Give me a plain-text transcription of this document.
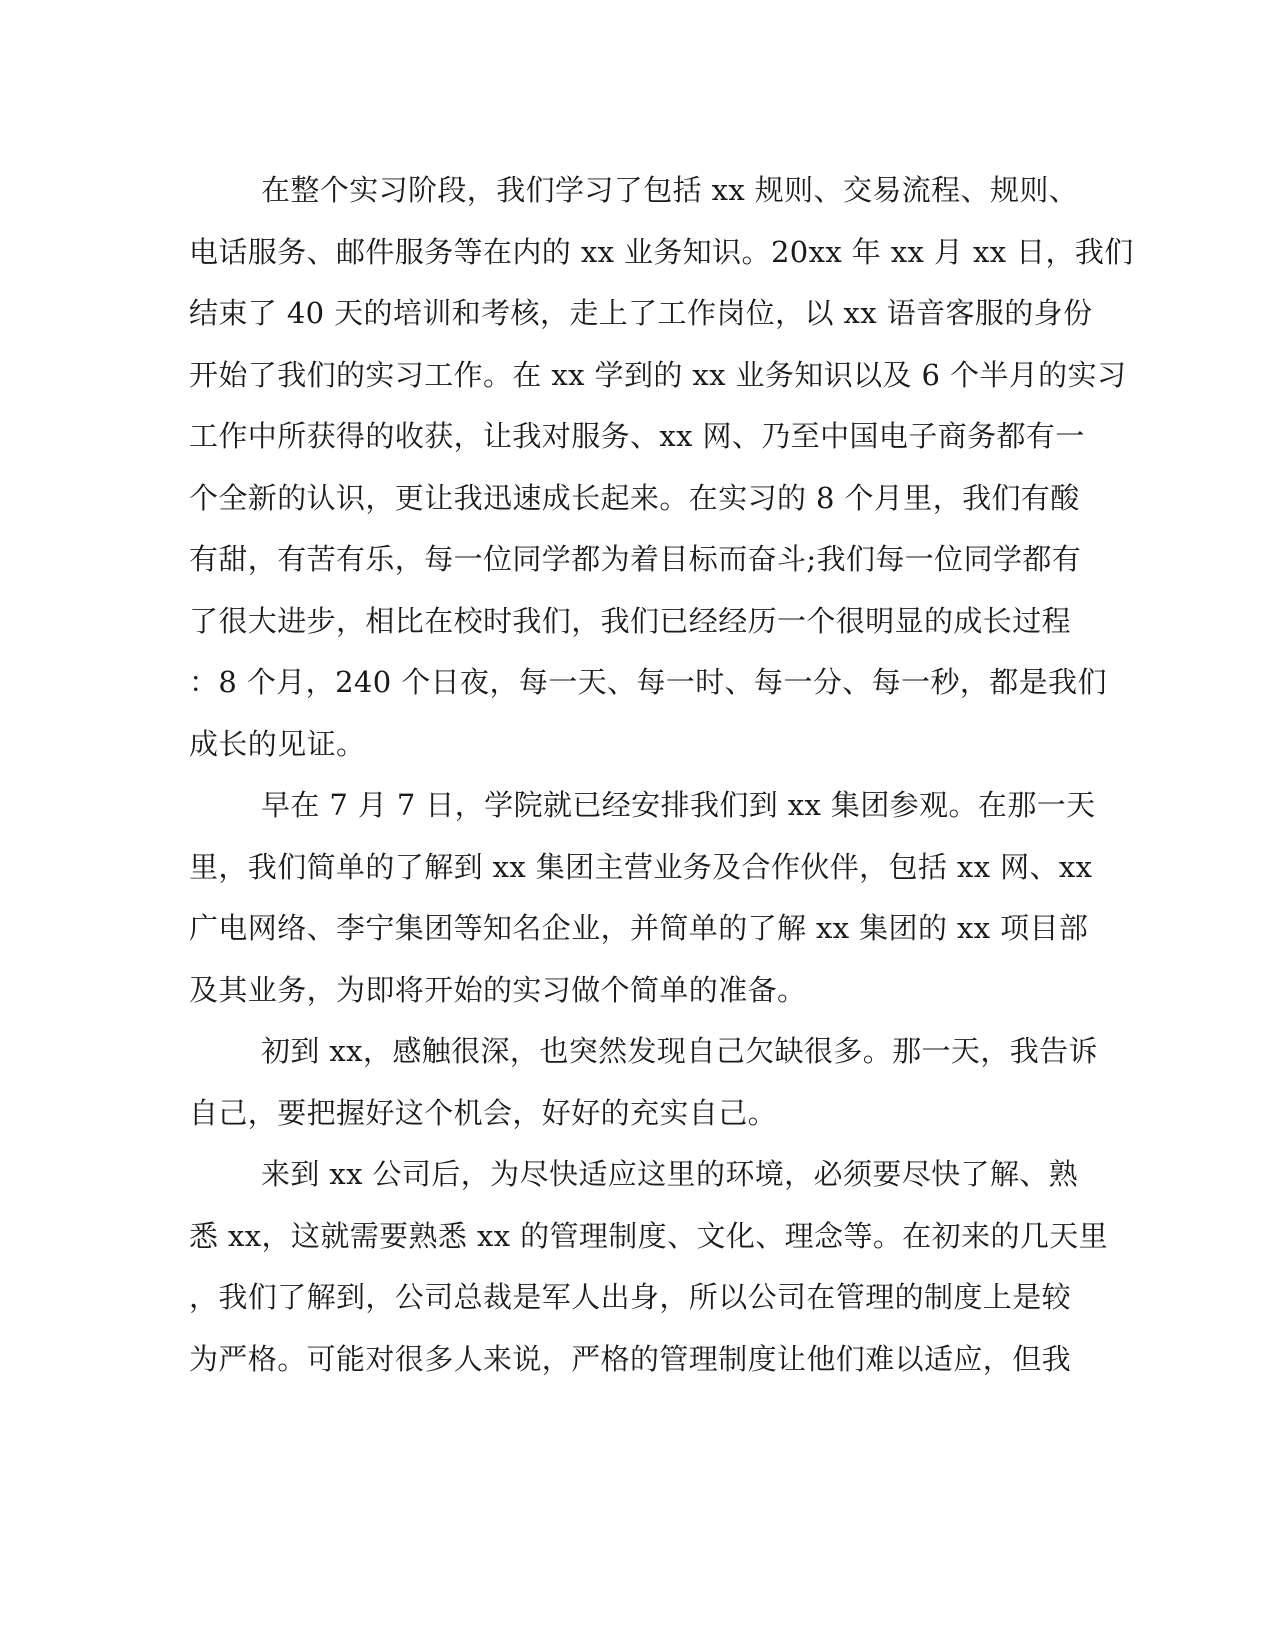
在整个实习阶段，我们学习了包括 xx 规则、交易流程、规则、
电话服务、邮件服务等在内的 xx 业务知识。20xx 年 xx 月 xx 日，我们
结束了 40 天的培训和考核，走上了工作岗位，以 xx 语音客服的身份
开始了我们的实习工作。在 xx 学到的 xx 业务知识以及 6 个半月的实习
工作中所获得的收获，让我对服务、xx 网、乃至中国电子商务都有一
个全新的认识，更让我迅速成长起来。在实习的 8 个月里，我们有酸
有甜，有苦有乐，每一位同学都为着目标而奋斗;我们每一位同学都有
了很大进步，相比在校时我们，我们已经经历一个很明显的成长过程
：8 个月，240 个日夜，每一天、每一时、每一分、每一秒，都是我们
成长的见证。
早在 7 月 7 日，学院就已经安排我们到 xx 集团参观。在那一天
里，我们简单的了解到 xx 集团主营业务及合作伙伴，包括 xx 网、xx
广电网络、李宁集团等知名企业，并简单的了解 xx 集团的 xx 项目部
及其业务，为即将开始的实习做个简单的准备。
初到 xx，感触很深，也突然发现自己欠缺很多。那一天，我告诉
自己，要把握好这个机会，好好的充实自己。
来到 xx 公司后，为尽快适应这里的环境，必须要尽快了解、熟
悉 xx，这就需要熟悉 xx 的管理制度、文化、理念等。在初来的几天里
，我们了解到，公司总裁是军人出身，所以公司在管理的制度上是较
为严格。可能对很多人来说，严格的管理制度让他们难以适应，但我
